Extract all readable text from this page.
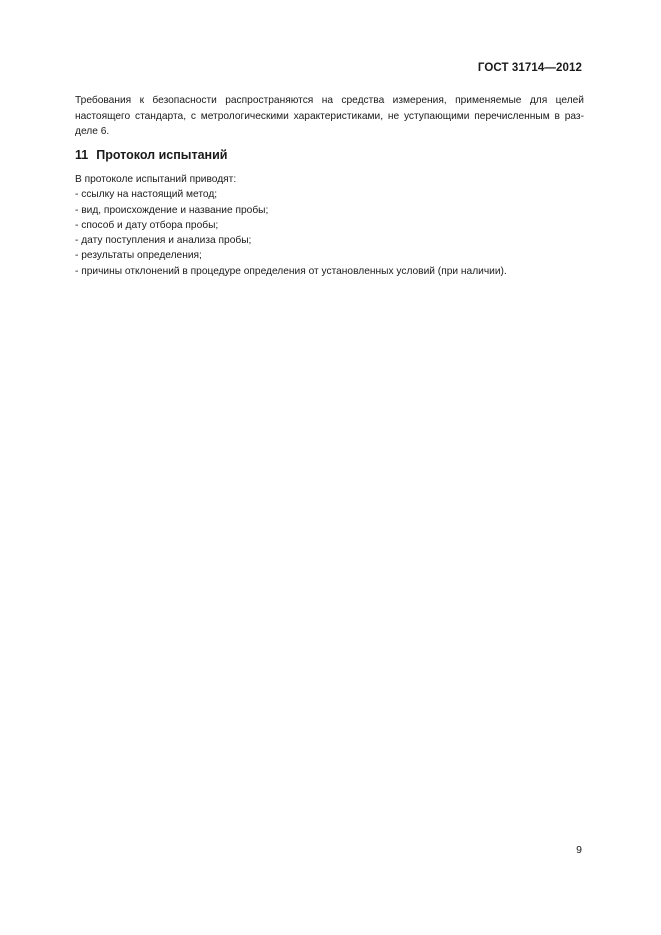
ГОСТ 31714—2012
Требования к безопасности распространяются на средства измерения, применяемые для целей
настоящего стандарта, с метрологическими характеристиками, не уступающими перечисленным в раз-
деле 6.
11 Протокол испытаний
В протоколе испытаний приводят:
- ссылку на настоящий метод;
- вид, происхождение и название пробы;
- способ и дату отбора пробы;
- дату поступления и анализа пробы;
- результаты определения;
- причины отклонений в процедуре определения от установленных условий (при наличии).
9
